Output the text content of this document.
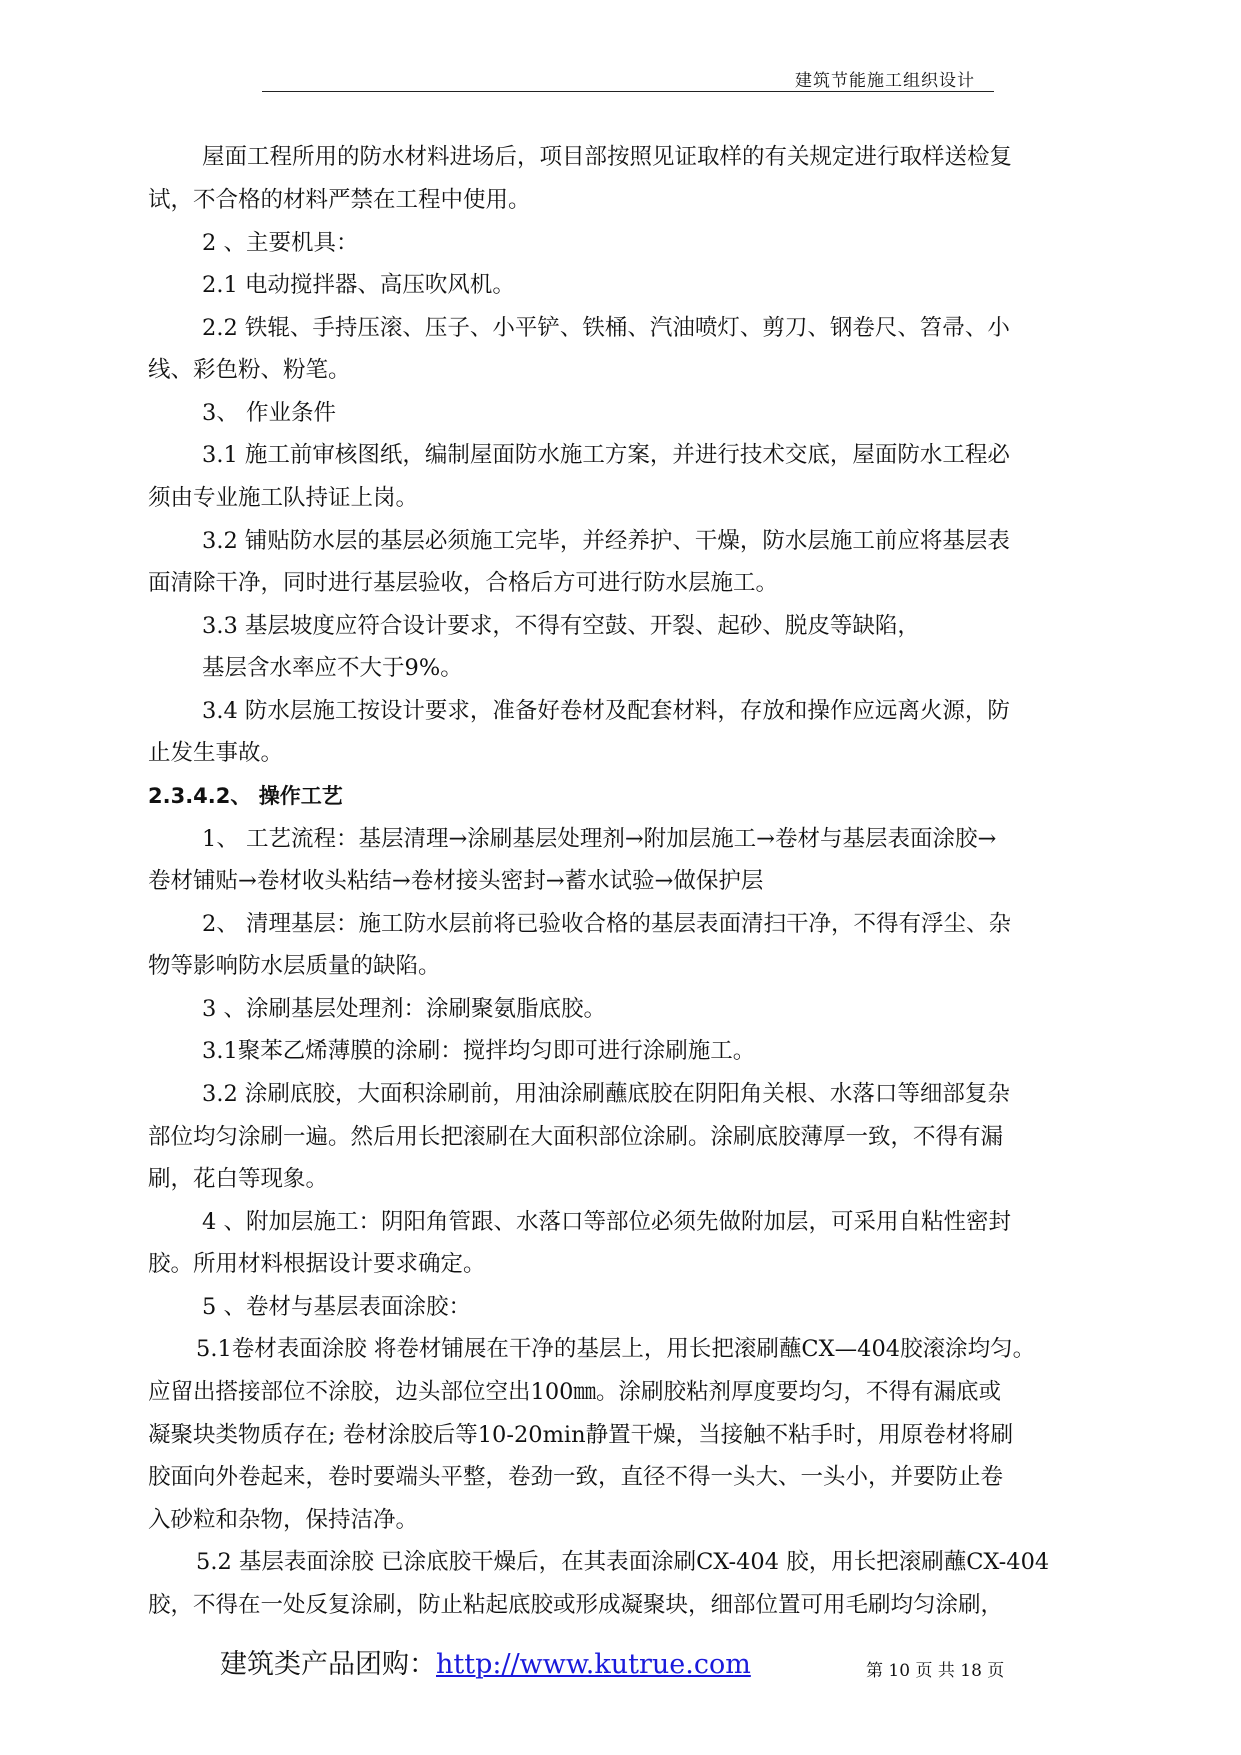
建筑节能施工组织设计
屋面工程所用的防水材料进场后，项目部按照见证取样的有关规定进行取样送检复
试，不合格的材料严禁在工程中使用。
2 、主要机具：
2.1 电动搅拌器、高压吹风机。
2.2 铁辊、手持压滚、压子、小平铲、铁桶、汽油喷灯、剪刀、钢卷尺、笤帚、小
线、彩色粉、粉笔。
3、 作业条件
3.1 施工前审核图纸，编制屋面防水施工方案，并进行技术交底，屋面防水工程必
须由专业施工队持证上岗。
3.2 铺贴防水层的基层必须施工完毕，并经养护、干燥，防水层施工前应将基层表
面清除干净，同时进行基层验收，合格后方可进行防水层施工。
3.3 基层坡度应符合设计要求，不得有空鼓、开裂、起砂、脱皮等缺陷，
基层含水率应不大于9%。
3.4 防水层施工按设计要求，准备好卷材及配套材料，存放和操作应远离火源，防
止发生事故。
2.3.4.2、 操作工艺
1、 工艺流程：基层清理→涂刷基层处理剂→附加层施工→卷材与基层表面涂胶→
卷材铺贴→卷材收头粘结→卷材接头密封→蓄水试验→做保护层
2、 清理基层：施工防水层前将已验收合格的基层表面清扫干净，不得有浮尘、杂
物等影响防水层质量的缺陷。
3 、涂刷基层处理剂：涂刷聚氨脂底胶。
3.1聚苯乙烯薄膜的涂刷：搅拌均匀即可进行涂刷施工。
3.2 涂刷底胶，大面积涂刷前，用油涂刷蘸底胶在阴阳角关根、水落口等细部复杂
部位均匀涂刷一遍。然后用长把滚刷在大面积部位涂刷。涂刷底胶薄厚一致，不得有漏
刷，花白等现象。
4 、附加层施工：阴阳角管跟、水落口等部位必须先做附加层，可采用自粘性密封
胶。所用材料根据设计要求确定。
5 、卷材与基层表面涂胶：
5.1卷材表面涂胶 将卷材铺展在干净的基层上，用长把滚刷蘸CX—404胶滚涂均匀。
应留出搭接部位不涂胶，边头部位空出100㎜。涂刷胶粘剂厚度要均匀，不得有漏底或
凝聚块类物质存在; 卷材涂胶后等10-20min静置干燥，当接触不粘手时，用原卷材将刷
胶面向外卷起来，卷时要端头平整，卷劲一致，直径不得一头大、一头小，并要防止卷
入砂粒和杂物，保持洁净。
5.2 基层表面涂胶 已涂底胶干燥后，在其表面涂刷CX-404 胶，用长把滚刷蘸CX-404
胶，不得在一处反复涂刷，防止粘起底胶或形成凝聚块，细部位置可用毛刷均匀涂刷，
建筑类产品团购：http://www.kutrue.com	第 10 页 共 18 页
